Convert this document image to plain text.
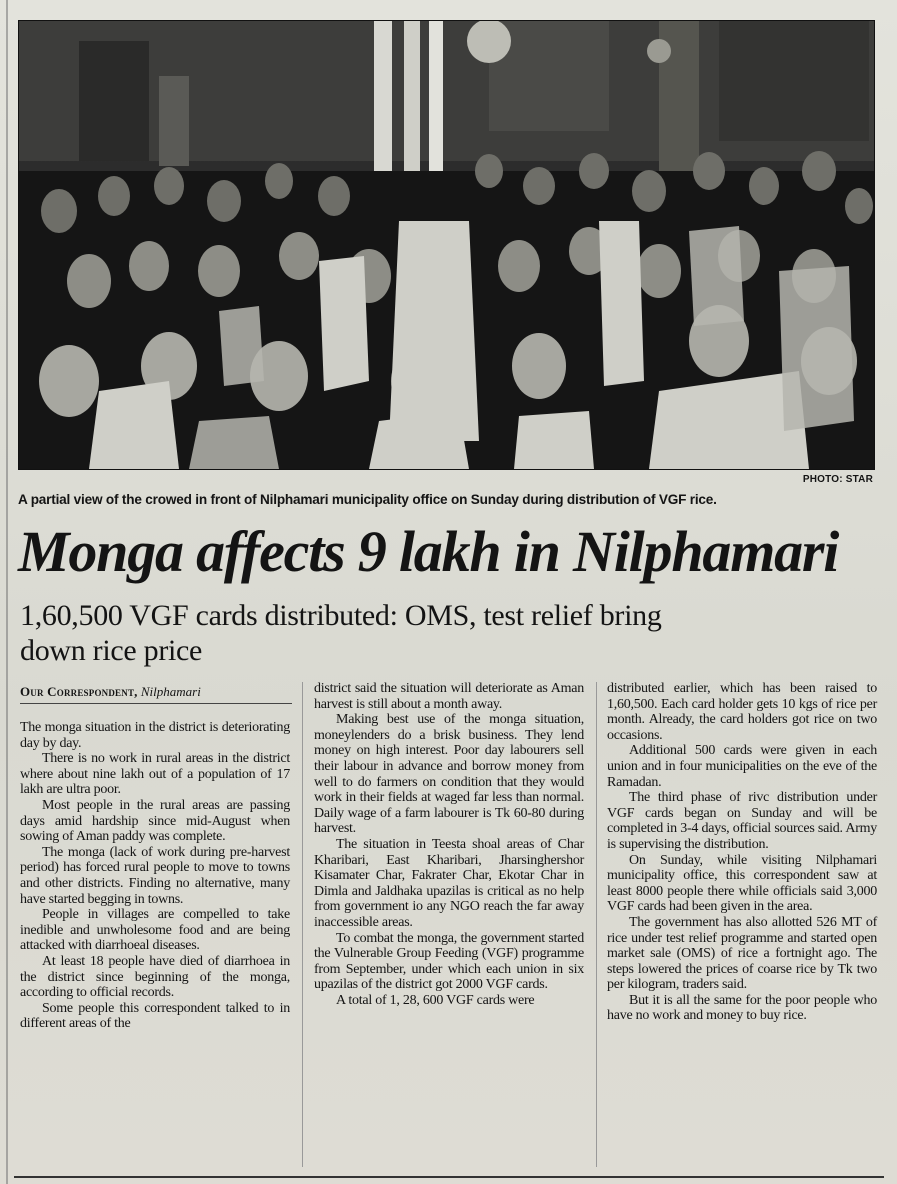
PHOTO: STAR
A partial view of the crowed in front of Nilphamari municipality office on Sunday during distribution of VGF rice.
Monga affects 9 lakh in Nilphamari
1,60,500 VGF cards distributed: OMS, test relief bring down rice price
Our Correspondent, Nilphamari

The monga situation in the district is deteriorating day by day.

There is no work in rural areas in the district where about nine lakh out of a population of 17 lakh are ultra poor.

Most people in the rural areas are passing days amid hardship since mid-August when sowing of Aman paddy was complete.

The monga (lack of work during pre-harvest period) has forced rural people to move to towns and other districts. Finding no alternative, many have started begging in towns.

People in villages are compelled to take inedible and unwholesome food and are being attacked with diarrhoeal diseases.

At least 18 people have died of diarrhoea in the district since beginning of the monga, according to official records.

Some people this correspondent talked to in different areas of the

district said the situation will deteriorate as Aman harvest is still about a month away.

Making best use of the monga situation, moneylenders do a brisk business. They lend money on high interest. Poor day labourers sell their labour in advance and borrow money from well to do farmers on condition that they would work in their fields at waged far less than normal. Daily wage of a farm labourer is Tk 60-80 during harvest.

The situation in Teesta shoal areas of Char Kharibari, East Kharibari, Jharsinghershor Kisamater Char, Fakrater Char, Ekotar Char in Dimla and Jaldhaka upazilas is critical as no help from government io any NGO reach the far away inaccessible areas.

To combat the monga, the government started the Vulnerable Group Feeding (VGF) programme from September, under which each union in six upazilas of the district got 2000 VGF cards.

A total of 1, 28, 600 VGF cards were

distributed earlier, which has been raised to 1,60,500. Each card holder gets 10 kgs of rice per month. Already, the card holders got rice on two occasions.

Additional 500 cards were given in each union and in four municipalities on the eve of the Ramadan.

The third phase of rivc distribution under VGF cards began on Sunday and will be completed in 3-4 days, official sources said. Army is supervising the distribution.

On Sunday, while visiting Nilphamari municipality office, this correspondent saw at least 8000 people there while officials said 3,000 VGF cards had been given in the area.

The government has also allotted 526 MT of rice under test relief programme and started open market sale (OMS) of rice a fortnight ago. The steps lowered the prices of coarse rice by Tk two per kilogram, traders said.

But it is all the same for the poor people who have no work and money to buy rice.
